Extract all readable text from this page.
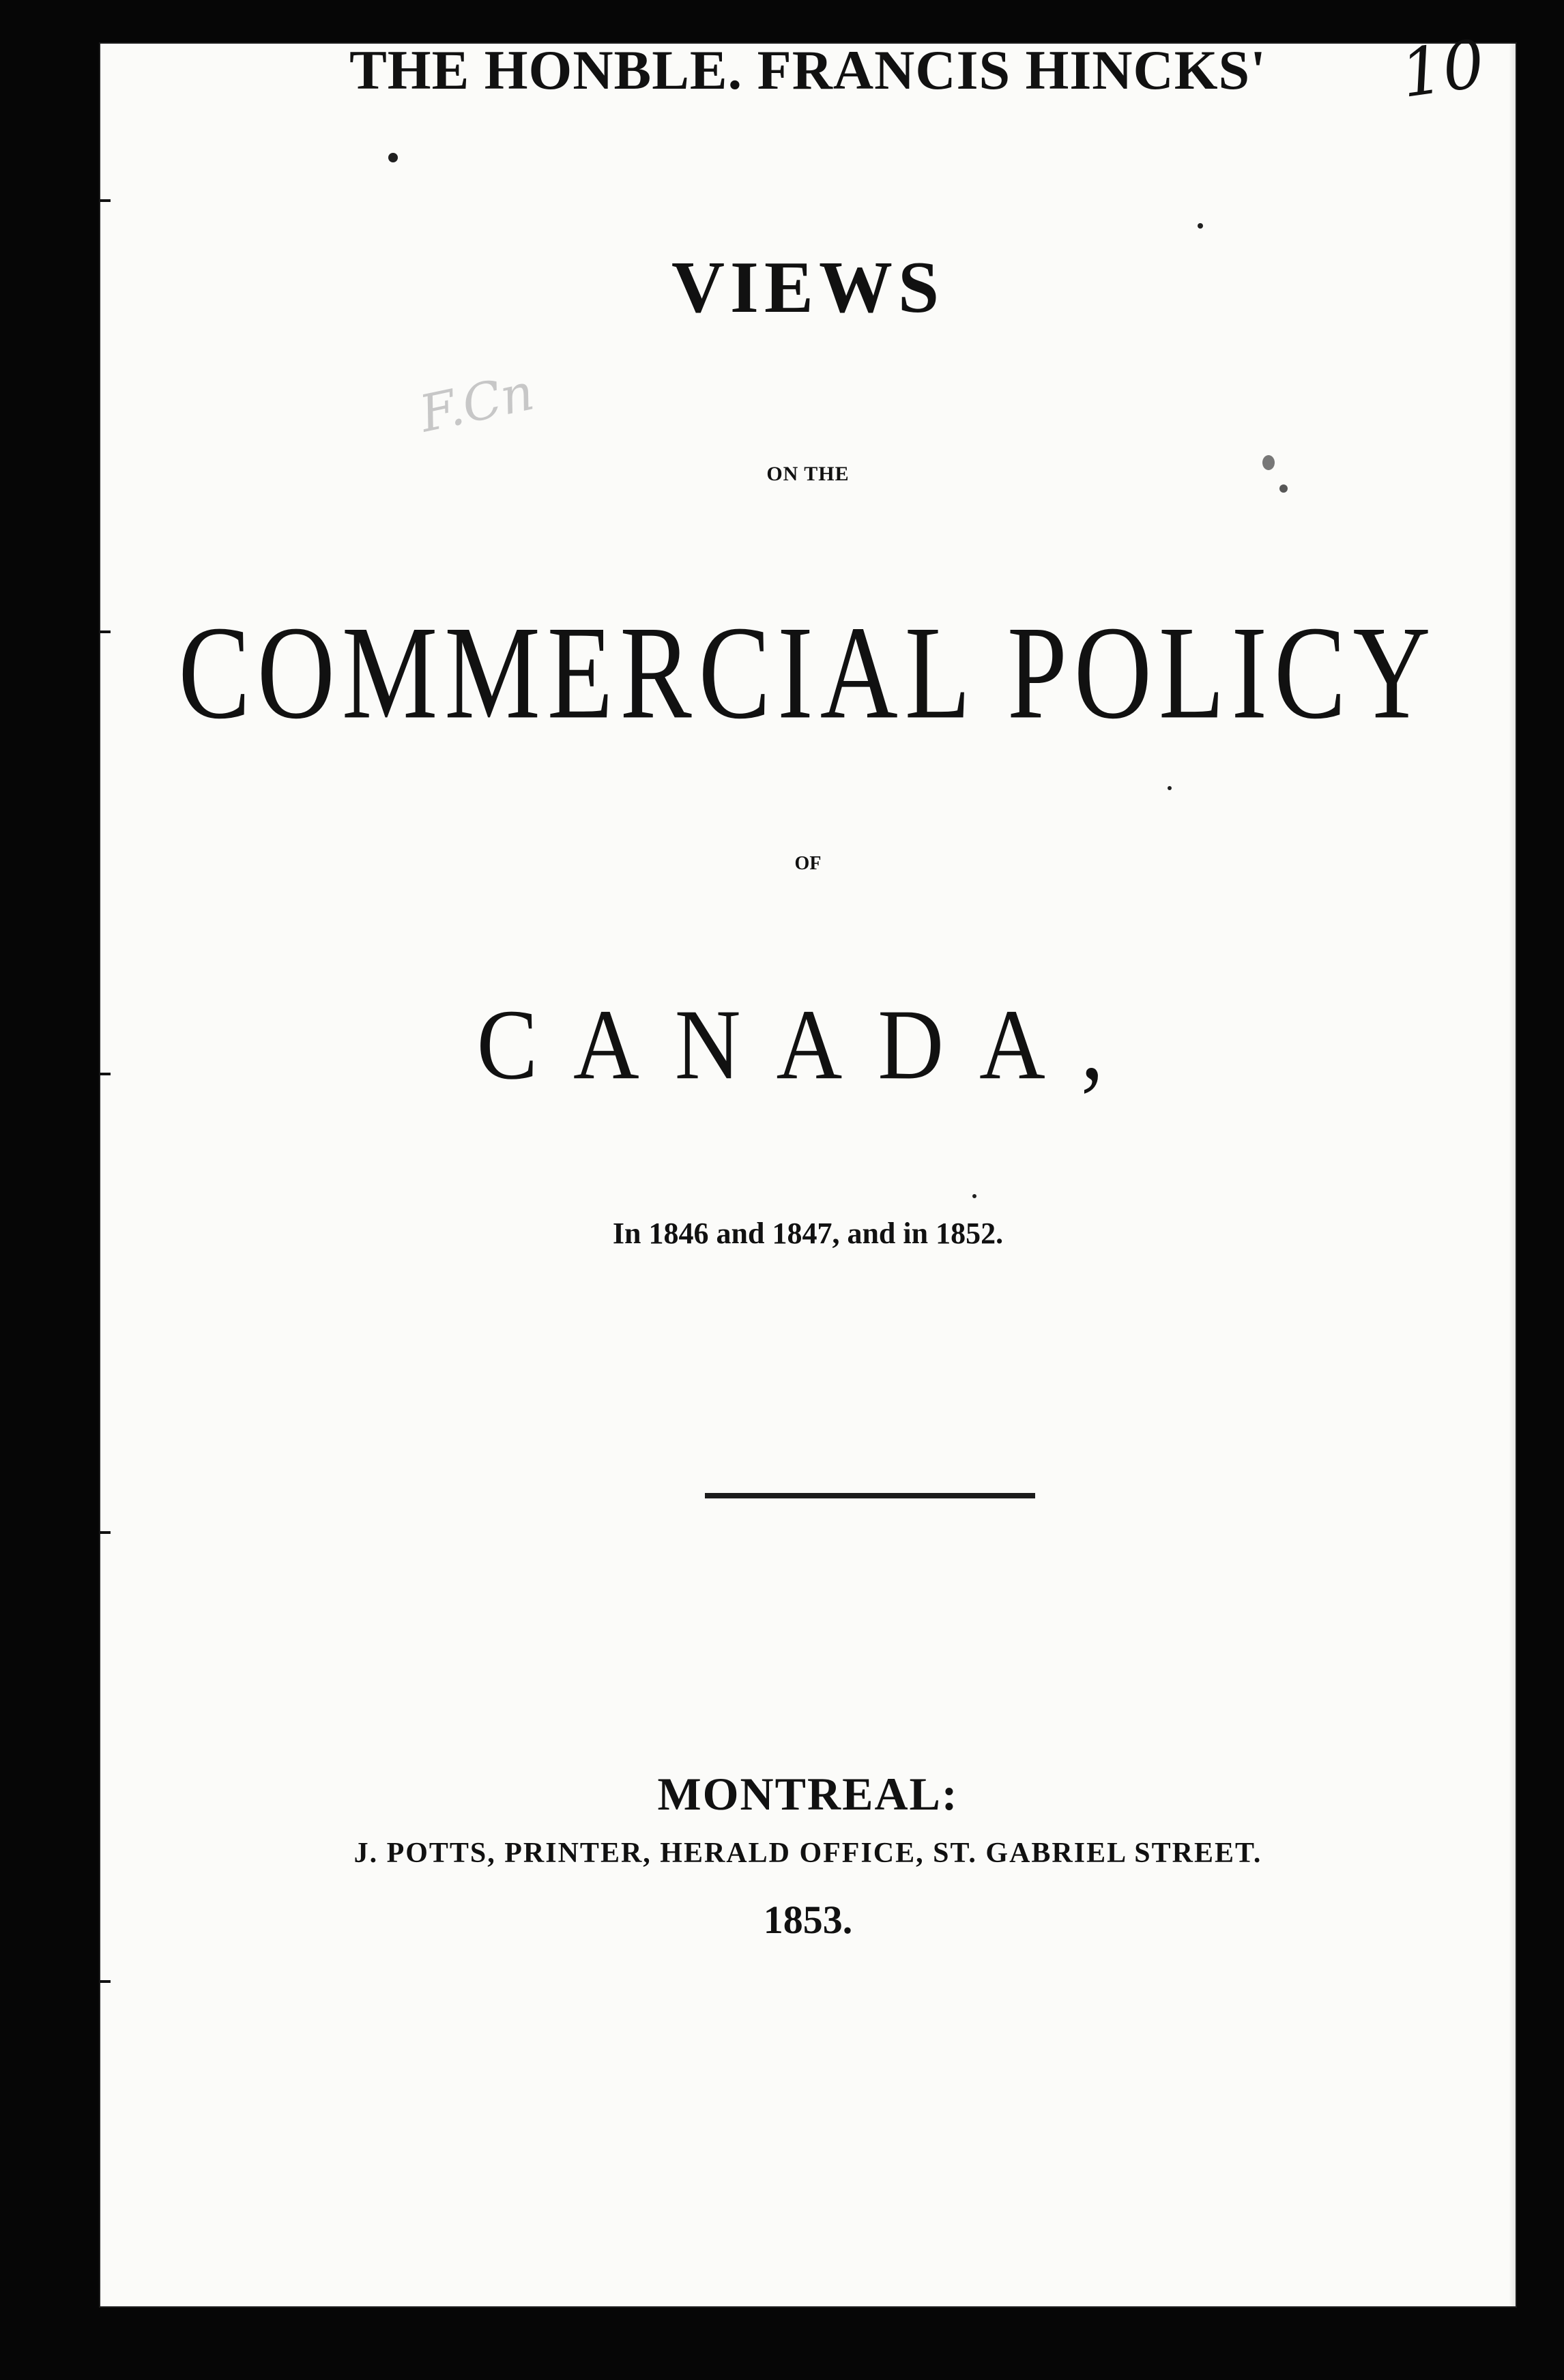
THE HONBLE. FRANCIS HINCKS'	10
VIEWS
F.Cn
ON THE
COMMERCIAL POLICY
OF
CANADA,
In 1846 and 1847, and in 1852.
MONTREAL:
J. POTTS, PRINTER, HERALD OFFICE, ST. GABRIEL STREET.
1853.
